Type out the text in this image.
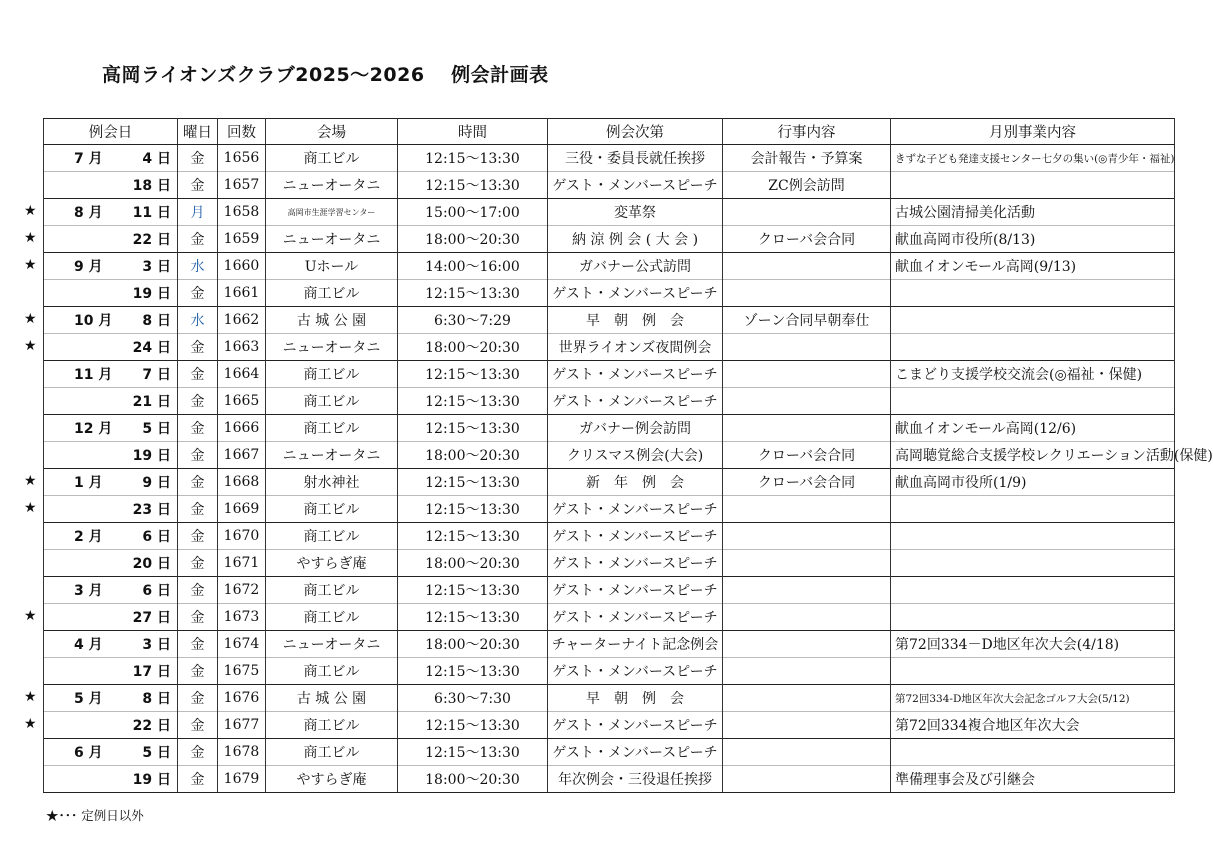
高岡ライオンズクラブ2025～2026　 例会計画表
例会日		曜日	回数	会場	時間	例会次第	行事内容	月別事業内容
7 月	4 日	金	1656	商工ビル	12:15～13:30	三役・委員長就任挨拶	会計報告・予算案	きずな子ども発達支援センター七夕の集い(◎青少年・福祉)
	18 日	金	1657	ニューオータニ	12:15～13:30	ゲスト・メンバースピーチ	ZC例会訪問	
8 月	11 日	月	1658	高岡市生涯学習センター	15:00～17:00	変革祭		古城公園清掃美化活動
	22 日	金	1659	ニューオータニ	18:00～20:30	納 涼 例 会 ( 大 会 )	クローバ会合同	献血高岡市役所(8/13)
9 月	3 日	水	1660	Uホール	14:00～16:00	ガバナー公式訪問		献血イオンモール高岡(9/13)
	19 日	金	1661	商工ビル	12:15～13:30	ゲスト・メンバースピーチ		
10 月	8 日	水	1662	古 城 公 園	6:30～7:29	早　朝　例　会	ゾーン合同早朝奉仕	
	24 日	金	1663	ニューオータニ	18:00～20:30	世界ライオンズ夜間例会		
11 月	7 日	金	1664	商工ビル	12:15～13:30	ゲスト・メンバースピーチ		こまどり支援学校交流会(◎福祉・保健)
	21 日	金	1665	商工ビル	12:15～13:30	ゲスト・メンバースピーチ		
12 月	5 日	金	1666	商工ビル	12:15～13:30	ガバナー例会訪問		献血イオンモール高岡(12/6)
	19 日	金	1667	ニューオータニ	18:00～20:30	クリスマス例会(大会)	クローバ会合同	高岡聴覚総合支援学校レクリエーション活動(保健)
1 月	9 日	金	1668	射水神社	12:15～13:30	新　年　例　会	クローバ会合同	献血高岡市役所(1/9)
	23 日	金	1669	商工ビル	12:15～13:30	ゲスト・メンバースピーチ		
2 月	6 日	金	1670	商工ビル	12:15～13:30	ゲスト・メンバースピーチ		
	20 日	金	1671	やすらぎ庵	18:00～20:30	ゲスト・メンバースピーチ		
3 月	6 日	金	1672	商工ビル	12:15～13:30	ゲスト・メンバースピーチ		
	27 日	金	1673	商工ビル	12:15～13:30	ゲスト・メンバースピーチ		
4 月	3 日	金	1674	ニューオータニ	18:00～20:30	チャーターナイト記念例会		第72回334－D地区年次大会(4/18)
	17 日	金	1675	商工ビル	12:15～13:30	ゲスト・メンバースピーチ		
5 月	8 日	金	1676	古 城 公 園	6:30～7:30	早　朝　例　会		第72回334-D地区年次大会記念ゴルフ大会(5/12)
	22 日	金	1677	商工ビル	12:15～13:30	ゲスト・メンバースピーチ		第72回334複合地区年次大会
6 月	5 日	金	1678	商工ビル	12:15～13:30	ゲスト・メンバースピーチ		
	19 日	金	1679	やすらぎ庵	18:00～20:30	年次例会・三役退任挨拶		準備理事会及び引継会
★
★
★
★
★
★
★
★
★
★
★･･･ 定例日以外
